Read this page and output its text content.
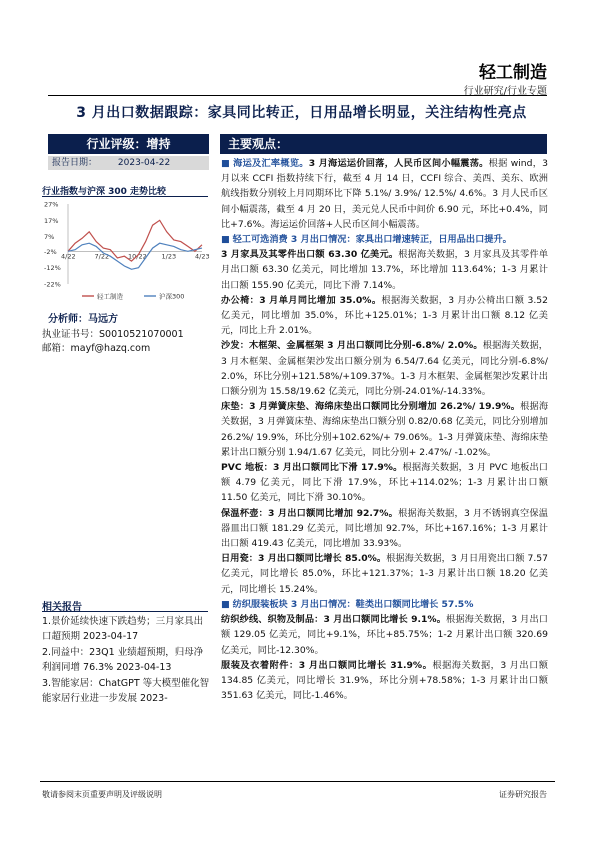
轻工制造
行业研究/行业专题
3 月出口数据跟踪：家具同比转正，日用品增长明显，关注结构性亮点
行业评级：增持
报告日期： 2023-04-22
行业指数与沪深 300 走势比较
27%
17%
7%
-2%
-12%
-22%
4/22	7/22	10/22 1/23	4/23
轻工制造	沪深300
分析师：马远方
执业证书号：S0010521070001
邮箱：mayf@hazq.com
相关报告
1.景价延续快速下跌趋势；三月家具出口超预期 2023-04-17
2.同益中：23Q1 业绩超预期，归母净利润同增 76.3% 2023-04-13
3.智能家居：ChatGPT 等大模型催化智能家居行业进一步发展 2023-
主要观点：

■ 海运及汇率概览。3 月海运运价回落，人民币区间小幅震荡。根据 wind，3 月以来 CCFI 指数持续下行，截至 4 月 14 日，CCFI 综合、美西、美东、欧洲航线指数分别较上月同期环比下降 5.1%/ 3.9%/ 12.5%/ 4.6%。3 月人民币区间小幅震荡，截至 4 月 20 日，美元兑人民币中间价 6.90 元，环比+0.4%，同比+7.6%。海运运价回落+人民币区间小幅震荡。

■ 轻工可选消费 3 月出口情况：家具出口增速转正，日用品出口提升。

3 月家具及其零件出口额 63.30 亿美元。根据海关数据，3 月家具及其零件单月出口额 63.30 亿美元，同比增加 13.7%，环比增加 113.64%；1-3 月累计出口额 155.90 亿美元，同比下滑 7.14%。

办公椅：3 月单月同比增加 35.0%。根据海关数据，3 月办公椅出口额 3.52 亿美元，同比增加 35.0%，环比+125.01%；1-3 月累计出口额 8.12 亿美元，同比上升 2.01%。

沙发：木框架、金属框架 3 月出口额同比分别-6.8%/ 2.0%。根据海关数据，3 月木框架、金属框架沙发出口额分别为 6.54/7.64 亿美元，同比分别-6.8%/ 2.0%，环比分别+121.58%/+109.37%。1-3 月木框架、金属框架沙发累计出口额分别为 15.58/19.62 亿美元，同比分别-24.01%/-14.33%。

床垫：3 月弹簧床垫、海绵床垫出口额同比分别增加 26.2%/ 19.9%。根据海关数据，3 月弹簧床垫、海绵床垫出口额分别 0.82/0.68 亿美元，同比分别增加 26.2%/ 19.9%，环比分别+102.62%/+ 79.06%。1-3 月弹簧床垫、海绵床垫累计出口额分别 1.94/1.67 亿美元，同比分别+ 2.47%/ -1.02%。

PVC 地板：3 月出口额同比下滑 17.9%。根据海关数据，3 月 PVC 地板出口额 4.79 亿美元，同比下滑 17.9%，环比+114.02%；1-3 月累计出口额 11.50 亿美元，同比下滑 30.10%。

保温杯壶：3 月出口额同比增加 92.7%。根据海关数据，3 月不锈钢真空保温器皿出口额 181.29 亿美元，同比增加 92.7%，环比+167.16%；1-3 月累计出口额 419.43 亿美元，同比增加 33.93%。

日用瓷：3 月出口额同比增长 85.0%。根据海关数据，3 月日用瓷出口额 7.57 亿美元，同比增长 85.0%，环比+121.37%；1-3 月累计出口额 18.20 亿美元，同比增长 15.24%。

■ 纺织服装板块 3 月出口情况：鞋类出口额同比增长 57.5%

纺织纱线、织物及制品：3 月出口额同比增长 9.1%。根据海关数据，3 月出口额 129.05 亿美元，同比+9.1%，环比+85.75%；1-2 月累计出口额 320.69 亿美元，同比-12.30%。

服装及衣着附件：3 月出口额同比增长 31.9%。根据海关数据，3 月出口额 134.85 亿美元，同比增长 31.9%，环比分别+78.58%；1-3 月累计出口额 351.63 亿美元，同比-1.46%。

敬请参阅末页重要声明及评级说明	证券研究报告
